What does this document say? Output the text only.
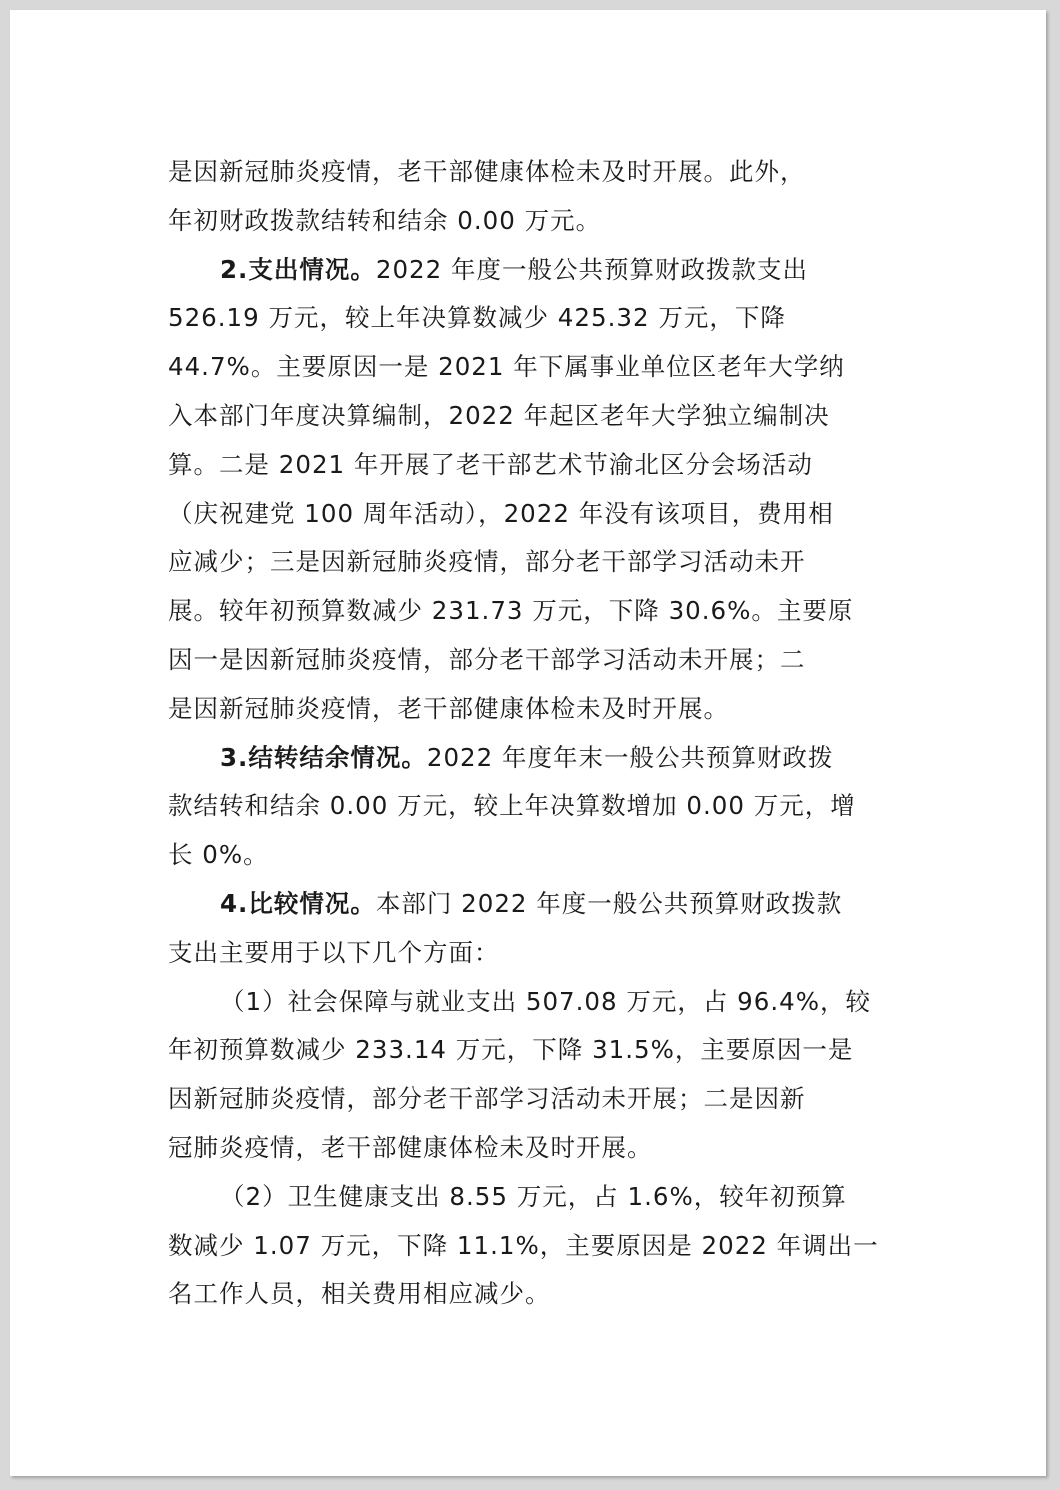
是因新冠肺炎疫情，老干部健康体检未及时开展。此外，
年初财政拨款结转和结余 0.00 万元。
2.支出情况。2022 年度一般公共预算财政拨款支出
526.19 万元，较上年决算数减少 425.32 万元，下降
44.7%。主要原因一是 2021 年下属事业单位区老年大学纳
入本部门年度决算编制，2022 年起区老年大学独立编制决
算。二是 2021 年开展了老干部艺术节渝北区分会场活动
（庆祝建党 100 周年活动），2022 年没有该项目，费用相
应减少；三是因新冠肺炎疫情，部分老干部学习活动未开
展。较年初预算数减少 231.73 万元，下降 30.6%。主要原
因一是因新冠肺炎疫情，部分老干部学习活动未开展；二
是因新冠肺炎疫情，老干部健康体检未及时开展。
3.结转结余情况。2022 年度年末一般公共预算财政拨
款结转和结余 0.00 万元，较上年决算数增加 0.00 万元，增
长 0%。
4.比较情况。本部门 2022 年度一般公共预算财政拨款
支出主要用于以下几个方面：
（1）社会保障与就业支出 507.08 万元，占 96.4%，较
年初预算数减少 233.14 万元，下降 31.5%，主要原因一是
因新冠肺炎疫情，部分老干部学习活动未开展；二是因新
冠肺炎疫情，老干部健康体检未及时开展。
（2）卫生健康支出 8.55 万元，占 1.6%，较年初预算
数减少 1.07 万元，下降 11.1%，主要原因是 2022 年调出一
名工作人员，相关费用相应减少。
